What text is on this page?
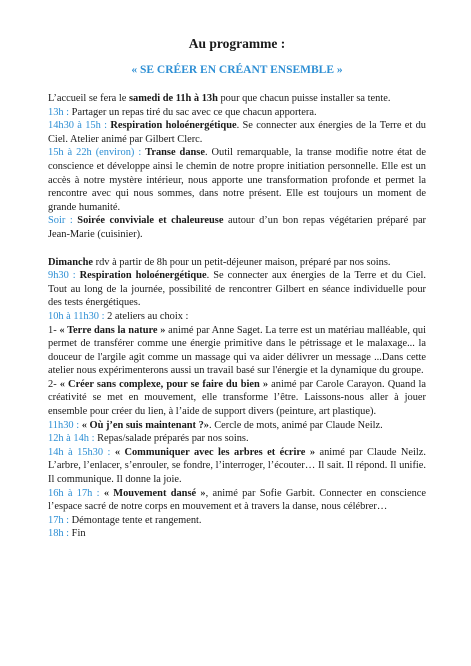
Au programme :
« SE CRÉER EN CRÉANT ENSEMBLE »

L’accueil se fera le samedi de 11h à 13h pour que chacun puisse installer sa tente.

13h : Partager un repas tiré du sac avec ce que chacun apportera.

14h30 à 15h : Respiration holoénergétique. Se connecter aux énergies de la Terre et du Ciel. Atelier animé par Gilbert Clerc.

15h à 22h (environ) : Transe danse. Outil remarquable, la transe modifie notre état de conscience et développe ainsi le chemin de notre propre initiation personnelle. Elle est un accès à notre mystère intérieur, nous apporte une transformation profonde et permet la rencontre avec qui nous sommes, dans notre présent. Elle est toujours un moment de grande humanité.

Soir : Soirée conviviale et chaleureuse autour d’un bon repas végétarien préparé par Jean-Marie (cuisinier).

Dimanche rdv à partir de 8h pour un petit-déjeuner maison, préparé par nos soins.

9h30 : Respiration holoénergétique. Se connecter aux énergies de la Terre et du Ciel. Tout au long de la journée, possibilité de rencontrer Gilbert en séance individuelle pour des tests énergétiques.

10h à 11h30 : 2 ateliers au choix :

1- « Terre dans la nature » animé par Anne Saget. La terre est un matériau malléable, qui permet de transférer comme une énergie primitive dans le pétrissage et le malaxage... la douceur de l'argile agit comme un massage qui va aider délivrer un message ...Dans cette atelier nous expérimenterons aussi un travail basé sur l'énergie et la dynamique du groupe.

2- « Créer sans complexe, pour se faire du bien » animé par Carole Carayon. Quand la créativité se met en mouvement, elle transforme l’être. Laissons-nous aller à jouer ensemble pour créer du lien, à l’aide de support divers (peinture, art plastique).

11h30 : « Où j’en suis maintenant ?». Cercle de mots, animé par Claude Neilz.

12h à 14h : Repas/salade préparés par nos soins.

14h à 15h30 : « Communiquer avec les arbres et écrire » animé par Claude Neilz. L’arbre, l’enlacer, s’enrouler, se fondre, l’interroger, l’écouter… Il sait. Il répond. Il unifie. Il communique. Il donne la joie.

16h à 17h : « Mouvement dansé », animé par Sofie Garbit. Connecter en conscience l’espace sacré de notre corps en mouvement et à travers la danse, nous célébrer…

17h : Démontage tente et rangement.

18h : Fin
